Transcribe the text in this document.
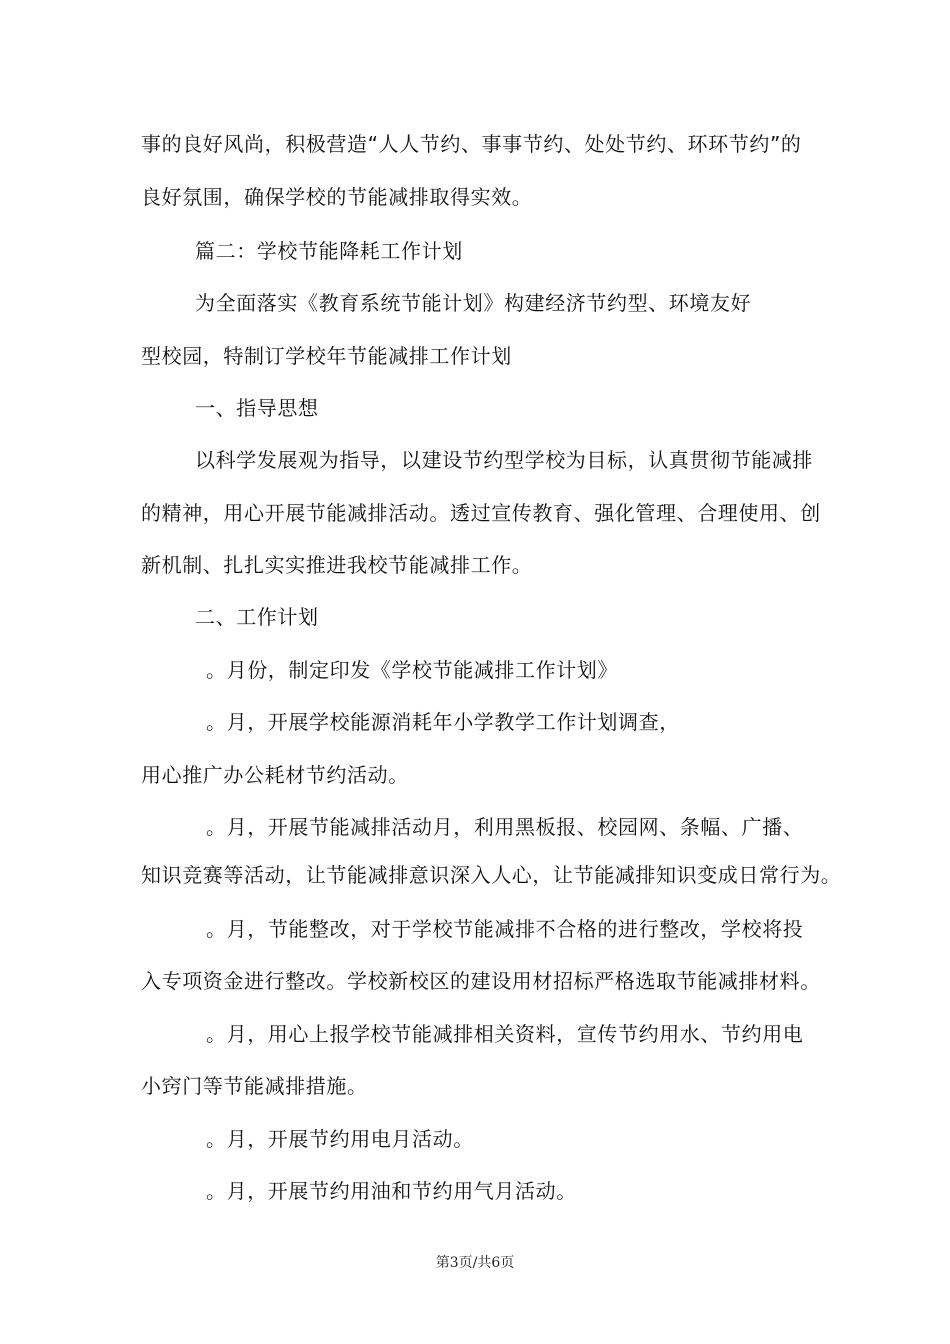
事的良好风尚，积极营造“人人节约、事事节约、处处节约、环环节约”的
良好氛围，确保学校的节能减排取得实效。
篇二：学校节能降耗工作计划
为全面落实《教育系统节能计划》构建经济节约型、环境友好
型校园，特制订学校年节能减排工作计划
一、指导思想
以科学发展观为指导，以建设节约型学校为目标，认真贯彻节能减排
的精神，用心开展节能减排活动。透过宣传教育、强化管理、合理使用、创
新机制、扎扎实实推进我校节能减排工作。
二、工作计划
。月份，制定印发《学校节能减排工作计划》
。月，开展学校能源消耗年小学教学工作计划调查，
用心推广办公耗材节约活动。
。月，开展节能减排活动月，利用黑板报、校园网、条幅、广播、
知识竞赛等活动，让节能减排意识深入人心，让节能减排知识变成日常行为。
。月，节能整改，对于学校节能减排不合格的进行整改，学校将投
入专项资金进行整改。学校新校区的建设用材招标严格选取节能减排材料。
。月，用心上报学校节能减排相关资料，宣传节约用水、节约用电
小窍门等节能减排措施。
。月，开展节约用电月活动。
。月，开展节约用油和节约用气月活动。
第3页/共6页
